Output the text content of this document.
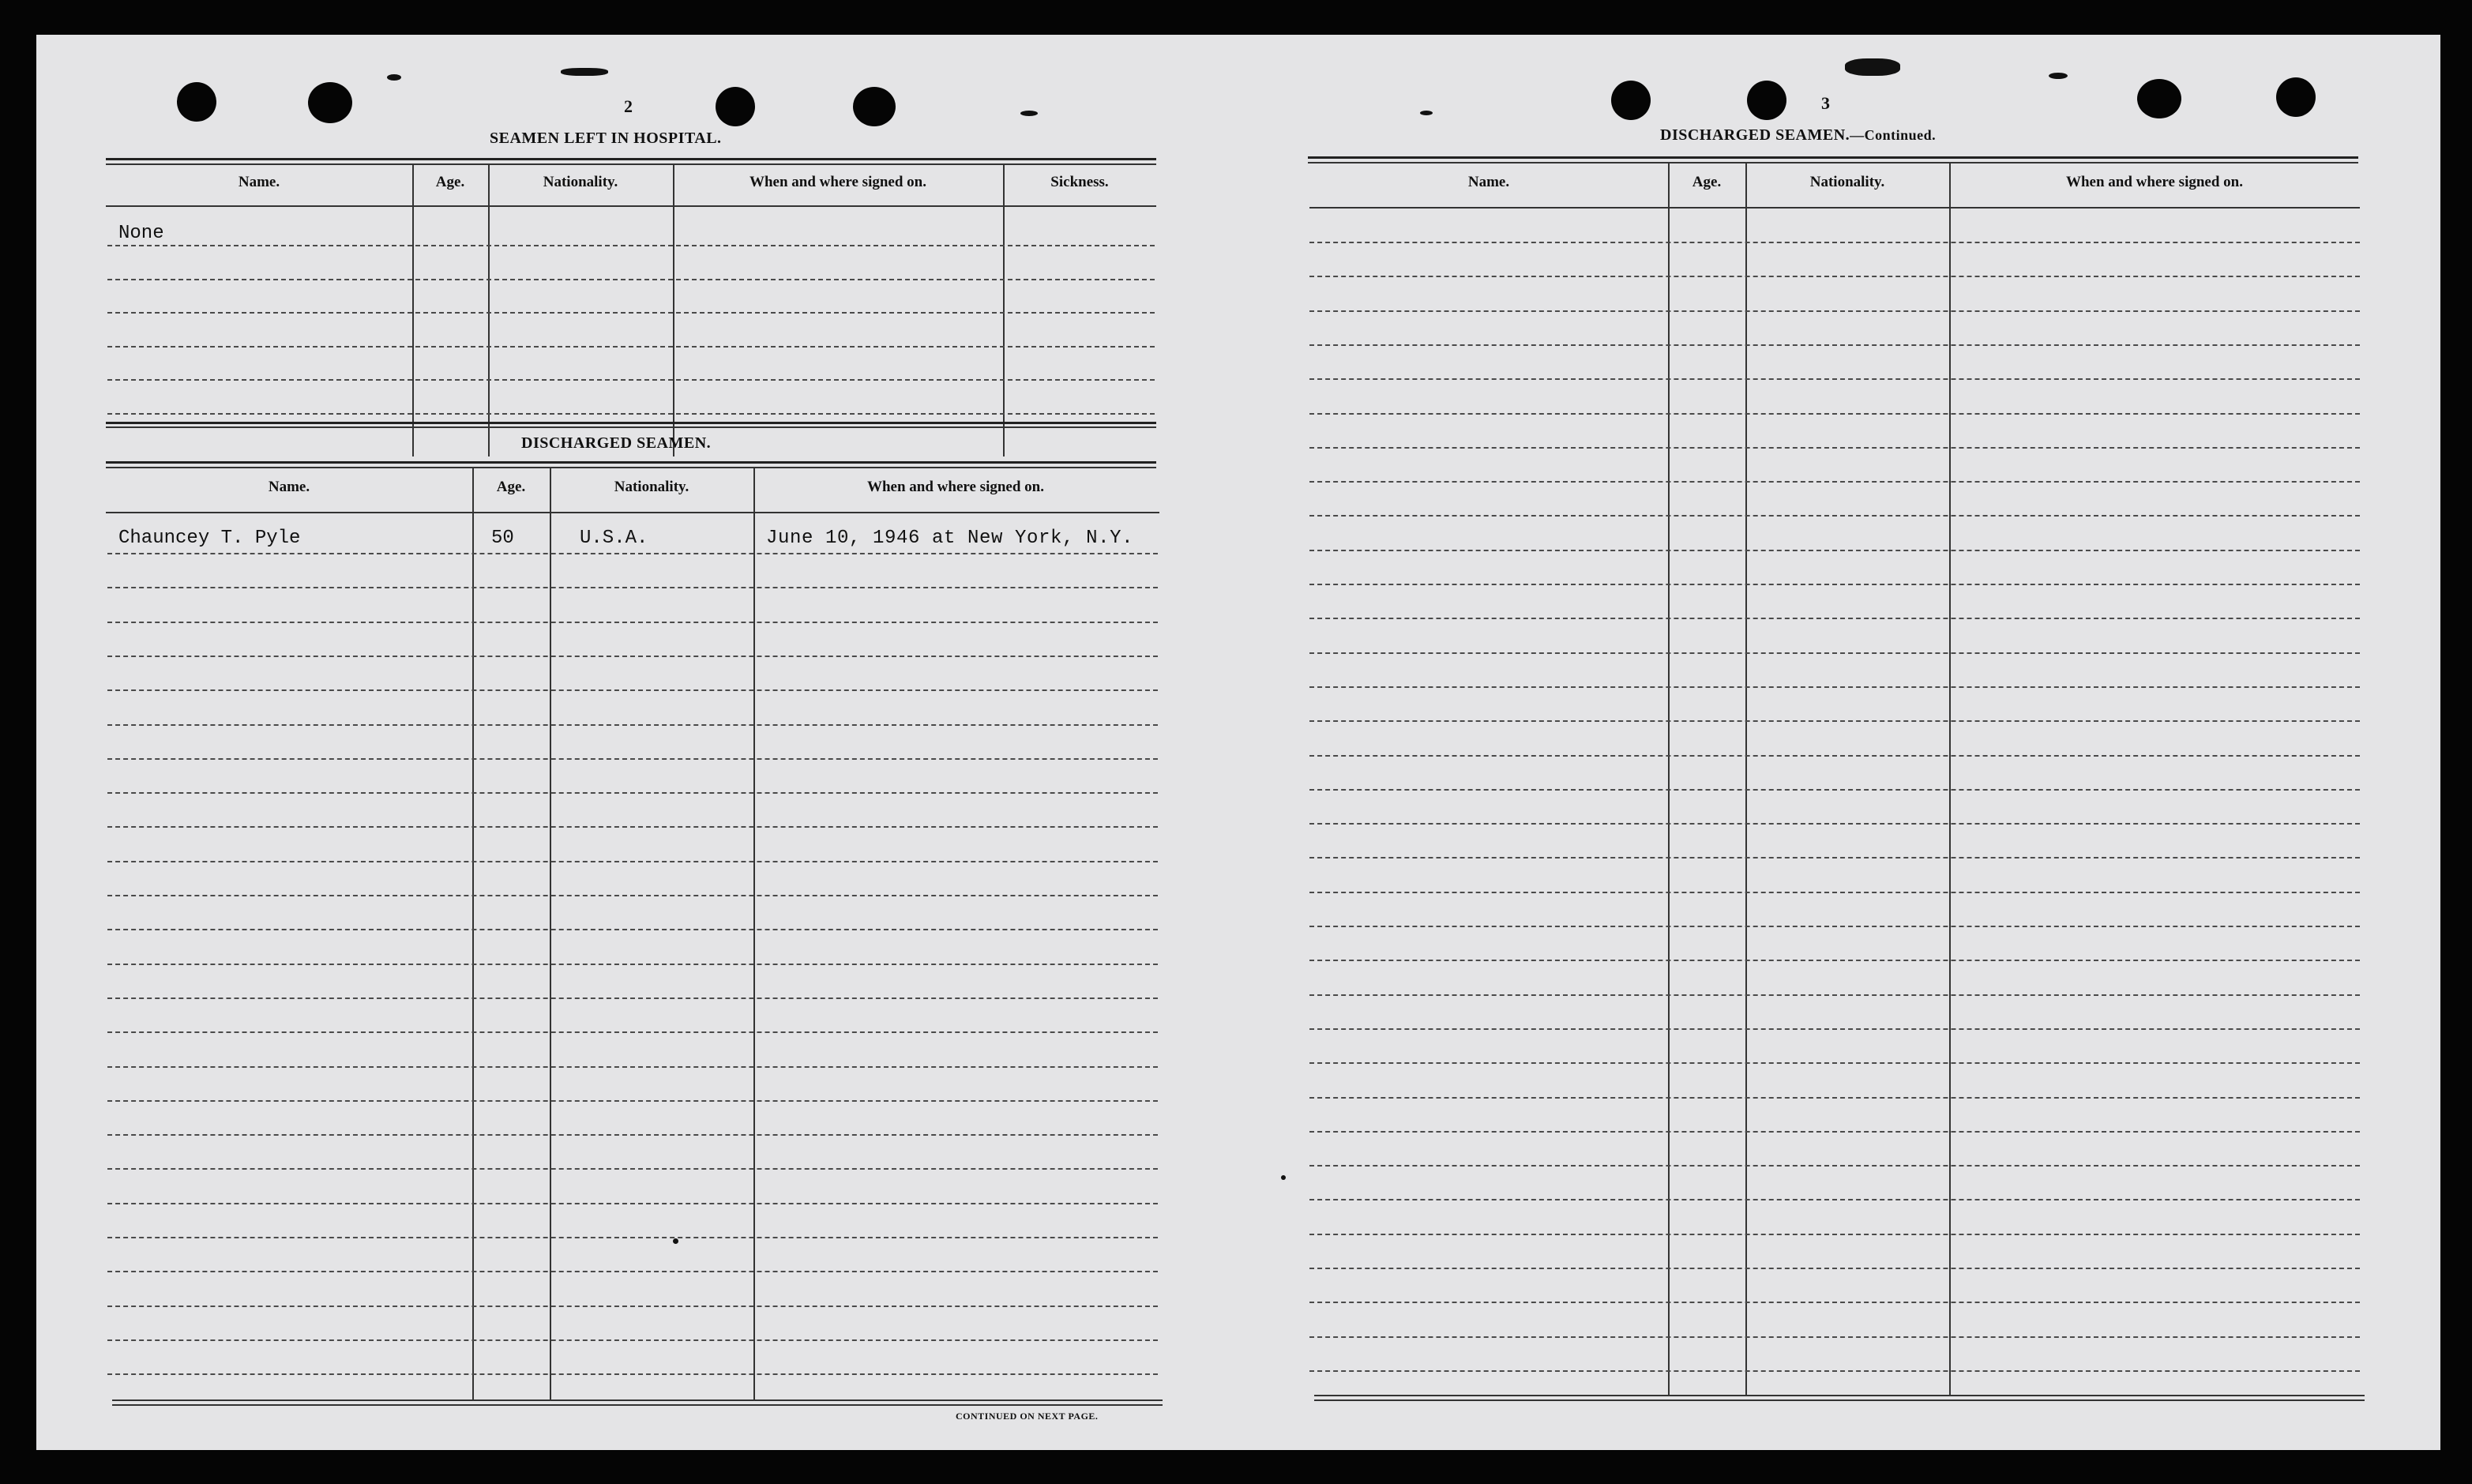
2
SEAMEN LEFT IN HOSPITAL.
Name.	Age.	Nationality.	When and where signed on.	Sickness.
None
DISCHARGED SEAMEN.
Name.	Age.	Nationality.	When and where signed on.
Chauncey T. Pyle	50	U.S.A.	June 10, 1946 at New York, N.Y.
CONTINUED ON NEXT PAGE.
3
DISCHARGED SEAMEN.—Continued.
Name.	Age.	Nationality.	When and where signed on.
